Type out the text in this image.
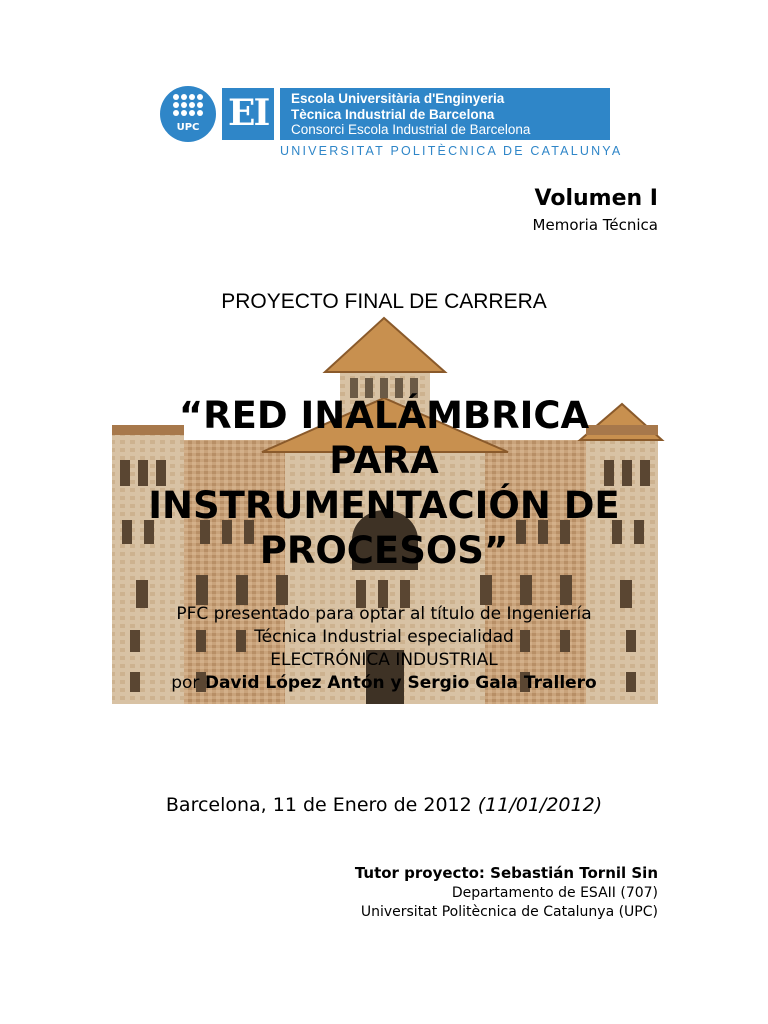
UPC EI Escola Universitària d'Enginyeria
Tècnica Industrial de Barcelona
Consorci Escola Industrial de Barcelona
UNIVERSITAT POLITÈCNICA DE CATALUNYA
Volumen I
Memoria Técnica
PROYECTO FINAL DE CARRERA
“RED INALÁMBRICA
PARA
INSTRUMENTACIÓN DE
PROCESOS”
PFC presentado para optar al título de Ingeniería
Técnica Industrial especialidad
ELECTRÓNICA INDUSTRIAL
por David López Antón y Sergio Gala Trallero
Barcelona, 11 de Enero de 2012 (11/01/2012)
Tutor proyecto: Sebastián Tornil Sin
Departamento de ESAII (707)
Universitat Politècnica de Catalunya (UPC)
